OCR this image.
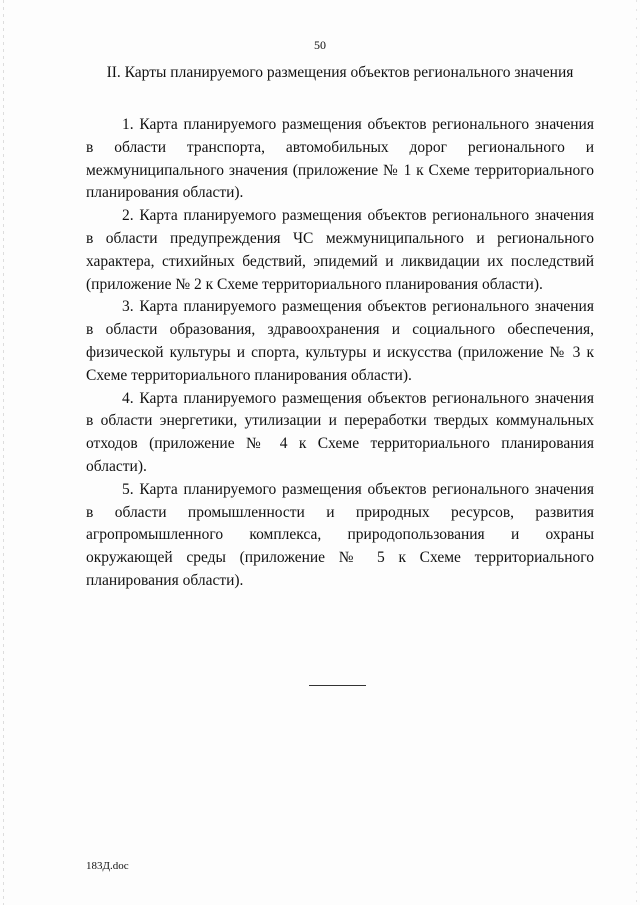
50
II. Карты планируемого размещения объектов регионального значения

1. Карта планируемого размещения объектов регионального значения в области транспорта, автомобильных дорог регионального и межмуниципального значения (приложение № 1 к Схеме территориального планирования области).

2. Карта планируемого размещения объектов регионального значения в области предупреждения ЧС межмуниципального и регионального характера, стихийных бедствий, эпидемий и ликвидации их последствий (приложение № 2 к Схеме территориального планирования области).

3. Карта планируемого размещения объектов регионального значения в области образования, здравоохранения и социального обеспечения, физической культуры и спорта, культуры и искусства (приложение № 3 к Схеме территориального планирования области).

4. Карта планируемого размещения объектов регионального значения в области энергетики, утилизации и переработки твердых коммунальных отходов (приложение № 4 к Схеме территориального планирования области).

5. Карта планируемого размещения объектов регионального значения в области промышленности и природных ресурсов, развития агропромышленного комплекса, природопользования и охраны окружающей среды (приложение № 5 к Схеме территориального планирования области).

183Д.doc
